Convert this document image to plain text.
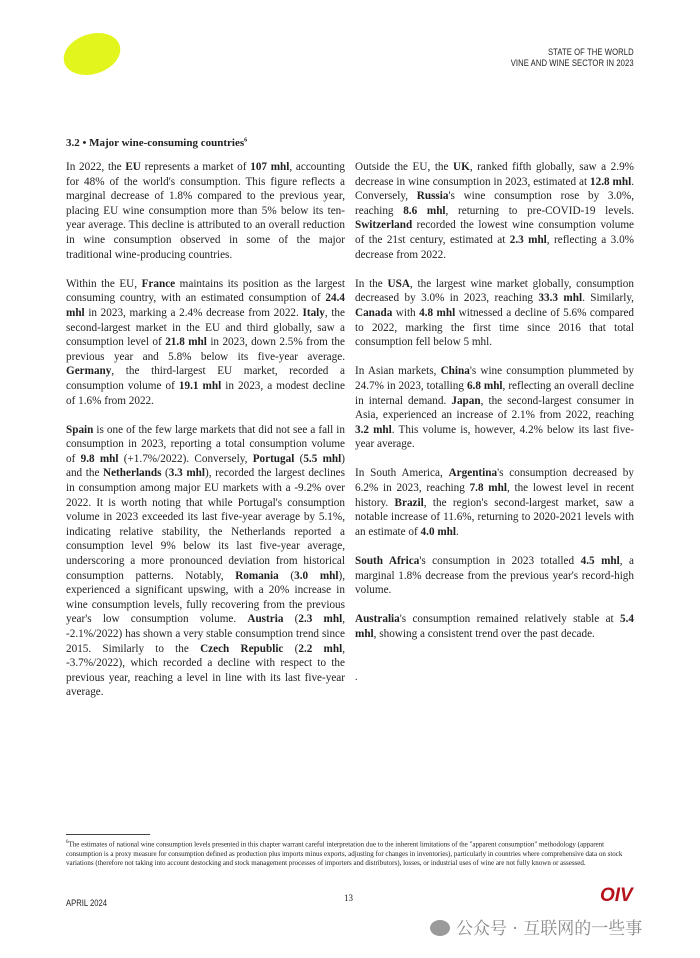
STATE OF THE WORLD
VINE AND WINE SECTOR IN 2023
3.2 • Major wine-consuming countries$^6$

In 2022, the EU represents a market of 107 mhl, accounting for 48% of the world's consumption. This figure reflects a marginal decrease of 1.8% compared to the previous year, placing EU wine consumption more than 5% below its ten-year average. This decline is attributed to an overall reduction in wine consumption observed in some of the major traditional wine-producing countries.

Within the EU, France maintains its position as the largest consuming country, with an estimated consumption of 24.4 mhl in 2023, marking a 2.4% decrease from 2022. Italy, the second-largest market in the EU and third globally, saw a consumption level of 21.8 mhl in 2023, down 2.5% from the previous year and 5.8% below its five-year average. Germany, the third-largest EU market, recorded a consumption volume of 19.1 mhl in 2023, a modest decline of 1.6% from 2022.

Spain is one of the few large markets that did not see a fall in consumption in 2023, reporting a total consumption volume of 9.8 mhl (+1.7%/2022). Conversely, Portugal (5.5 mhl) and the Netherlands (3.3 mhl), recorded the largest declines in consumption among major EU markets with a -9.2% over 2022. It is worth noting that while Portugal's consumption volume in 2023 exceeded its last five-year average by 5.1%, indicating relative stability, the Netherlands reported a consumption level 9% below its last five-year average, underscoring a more pronounced deviation from historical consumption patterns. Notably, Romania (3.0 mhl), experienced a significant upswing, with a 20% increase in wine consumption levels, fully recovering from the previous year's low consumption volume. Austria (2.3 mhl, -2.1%/2022) has shown a very stable consumption trend since 2015. Similarly to the Czech Republic (2.2 mhl, -3.7%/2022), which recorded a decline with respect to the previous year, reaching a level in line with its last five-year average.

Outside the EU, the UK, ranked fifth globally, saw a 2.9% decrease in wine consumption in 2023, estimated at 12.8 mhl. Conversely, Russia's wine consumption rose by 3.0%, reaching 8.6 mhl, returning to pre-COVID-19 levels. Switzerland recorded the lowest wine consumption volume of the 21st century, estimated at 2.3 mhl, reflecting a 3.0% decrease from 2022.

In the USA, the largest wine market globally, consumption decreased by 3.0% in 2023, reaching 33.3 mhl. Similarly, Canada with 4.8 mhl witnessed a decline of 5.6% compared to 2022, marking the first time since 2016 that total consumption fell below 5 mhl.

In Asian markets, China's wine consumption plummeted by 24.7% in 2023, totalling 6.8 mhl, reflecting an overall decline in internal demand. Japan, the second-largest consumer in Asia, experienced an increase of 2.1% from 2022, reaching 3.2 mhl. This volume is, however, 4.2% below its last five-year average.

In South America, Argentina's consumption decreased by 6.2% in 2023, reaching 7.8 mhl, the lowest level in recent history. Brazil, the region's second-largest market, saw a notable increase of 11.6%, returning to 2020-2021 levels with an estimate of 4.0 mhl.

South Africa's consumption in 2023 totalled 4.5 mhl, a marginal 1.8% decrease from the previous year's record-high volume.

Australia's consumption remained relatively stable at 5.4 mhl, showing a consistent trend over the past decade.

.
$^6$The estimates of national wine consumption levels presented in this chapter warrant careful interpretation due to the inherent limitations of the "apparent consumption" methodology (apparent consumption is a proxy measure for consumption defined as production plus imports minus exports, adjusting for changes in inventories), particularly in countries where comprehensive data on stock variations (therefore not taking into account destocking and stock management processes of importers and distributors), losses, or industrial uses of wine are not fully known or assessed.
APRIL 2024	13	OIV
公众号 · 互联网的一些事
